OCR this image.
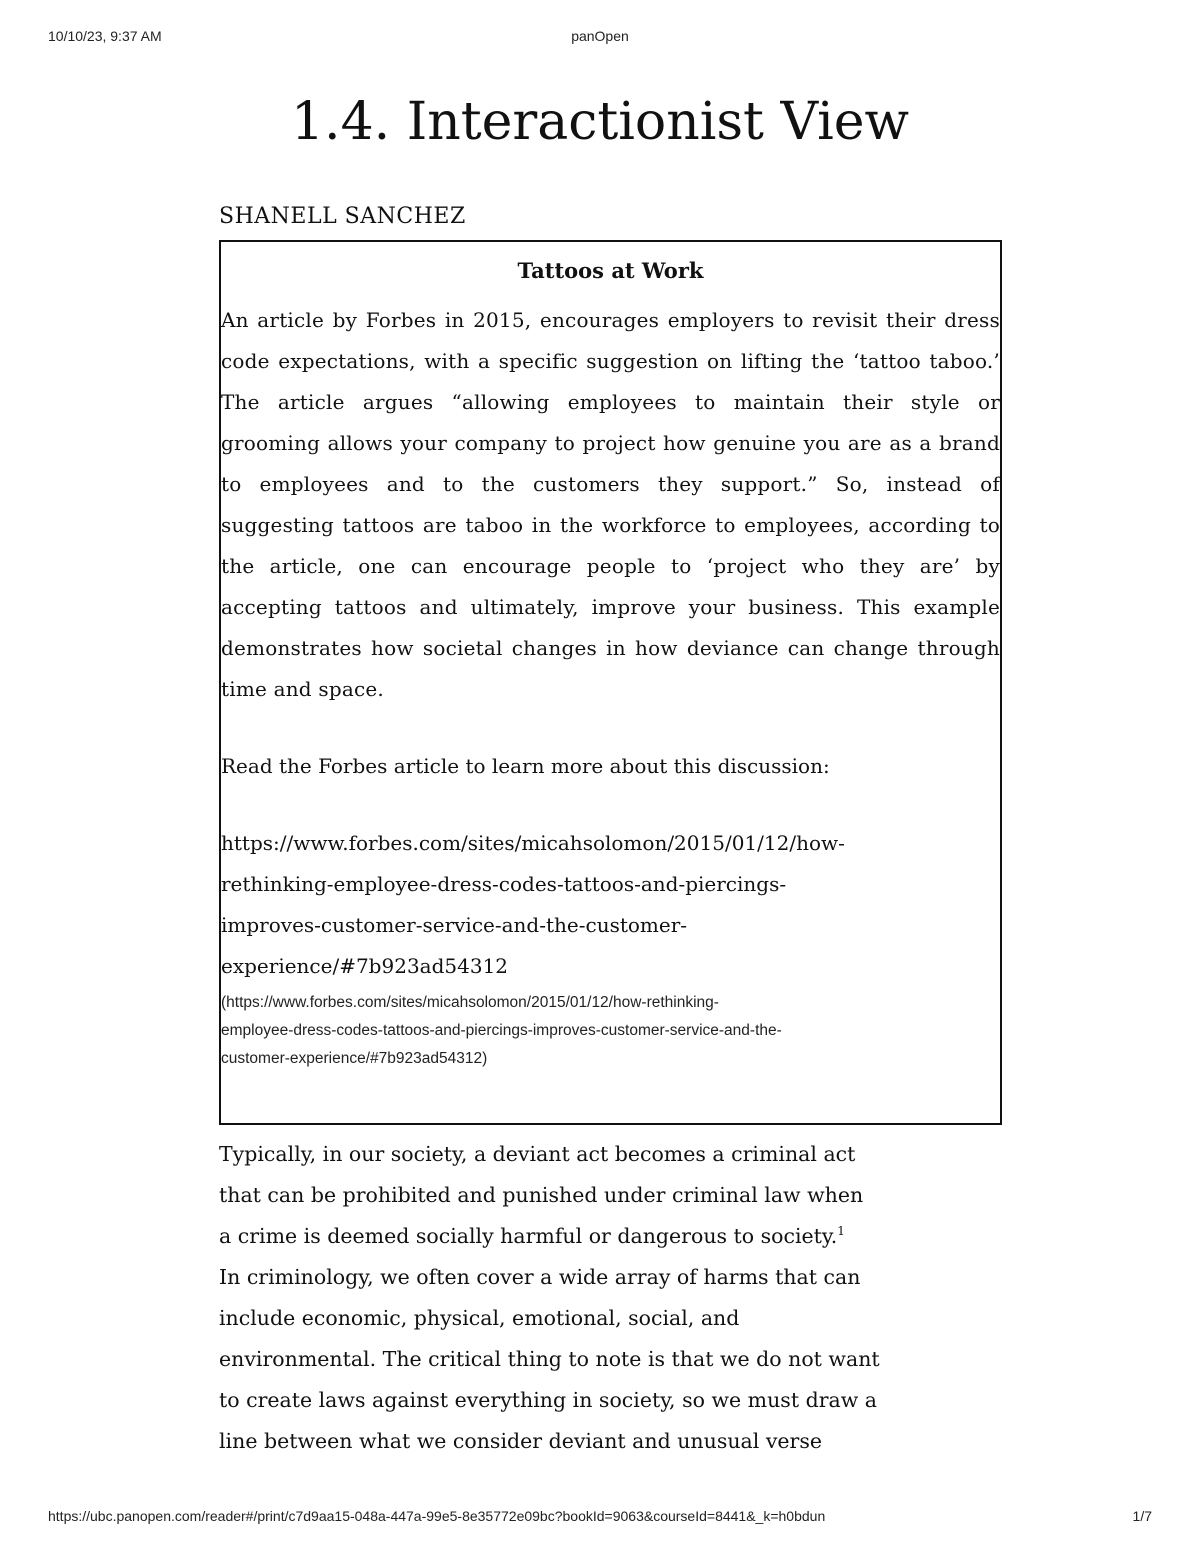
10/10/23, 9:37 AM	panOpen
1.4. Interactionist View
SHANELL SANCHEZ
Tattoos at Work

An article by Forbes in 2015, encourages employers to revisit their dress code expectations, with a specific suggestion on lifting the ‘tattoo taboo.’ The article argues “allowing employees to maintain their style or grooming allows your company to project how genuine you are as a brand to employees and to the customers they support.” So, instead of suggesting tattoos are taboo in the workforce to employees, according to the article, one can encourage people to ‘project who they are’ by accepting tattoos and ultimately, improve your business. This example demonstrates how societal changes in how deviance can change through time and space.

Read the Forbes article to learn more about this discussion:

https://www.forbes.com/sites/micahsolomon/2015/01/12/how-
rethinking-employee-dress-codes-tattoos-and-piercings-
improves-customer-service-and-the-customer-
experience/#7b923ad54312
(https://www.forbes.com/sites/micahsolomon/2015/01/12/how-rethinking-
employee-dress-codes-tattoos-and-piercings-improves-customer-service-and-the-
customer-experience/#7b923ad54312)
Typically, in our society, a deviant act becomes a criminal act
that can be prohibited and punished under criminal law when
a crime is deemed socially harmful or dangerous to society.$^1$
In criminology, we often cover a wide array of harms that can
include economic, physical, emotional, social, and
environmental. The critical thing to note is that we do not want
to create laws against everything in society, so we must draw a
line between what we consider deviant and unusual verse
https://ubc.panopen.com/reader#/print/c7d9aa15-048a-447a-99e5-8e35772e09bc?bookId=9063&courseId=8441&_k=h0bdun	1/7
